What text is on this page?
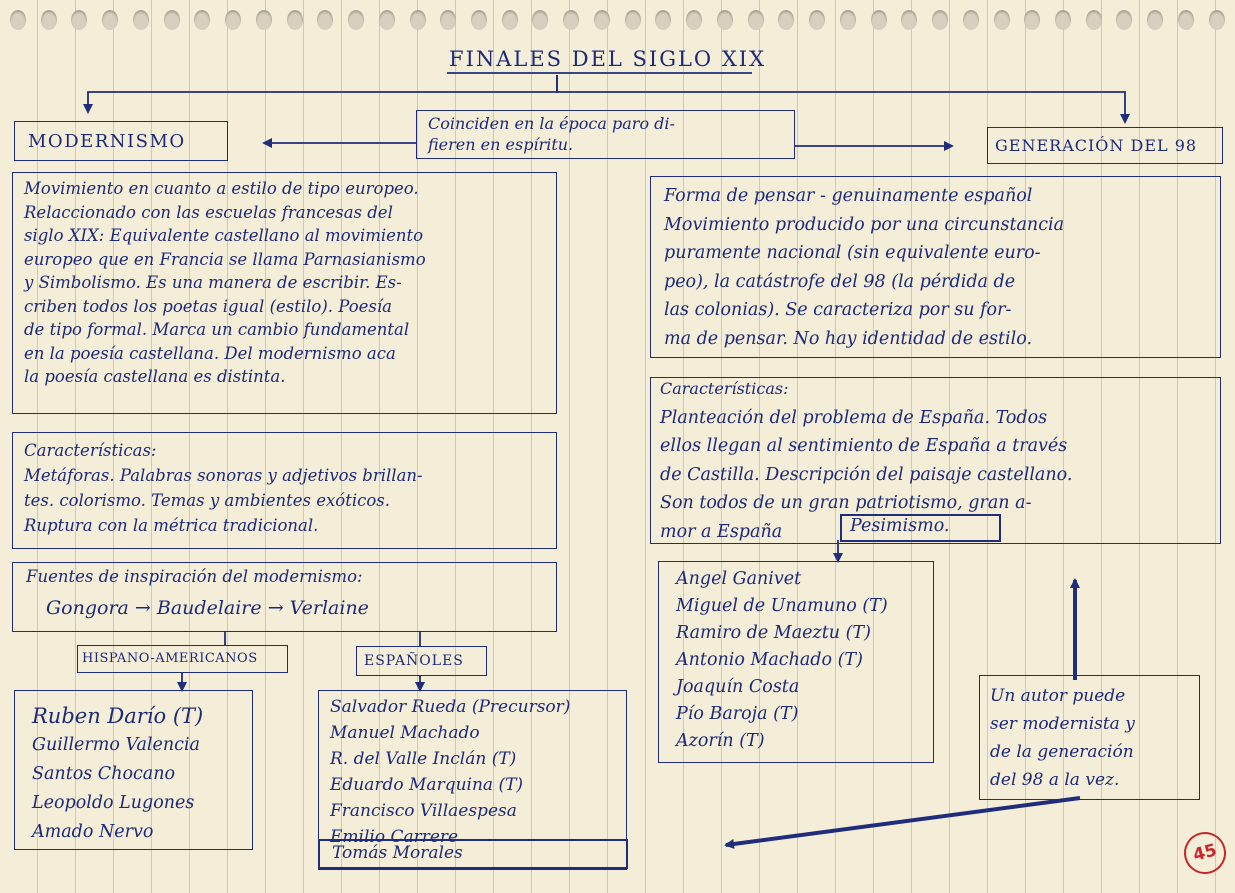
FINALES DEL SIGLO XIX
Coinciden en la época paro di-
fieren en espíritu.
MODERNISMO	GENERACIÓN DEL 98
Movimiento en cuanto a estilo de tipo europeo.
Relaccionado con las escuelas francesas del
siglo XIX: Equivalente castellano al movimiento
europeo que en Francia se llama Parnasianismo
y Simbolismo. Es una manera de escribir. Es-
criben todos los poetas igual (estilo). Poesía
de tipo formal. Marca un cambio fundamental
en la poesía castellana. Del modernismo aca
la poesía castellana es distinta.
Características:
Metáforas. Palabras sonoras y adjetivos brillan-
tes. colorismo. Temas y ambientes exóticos.
Ruptura con la métrica tradicional.
Fuentes de inspiración del modernismo:
Gongora → Baudelaire → Verlaine
HISPANO-AMERICANOS
Ruben Darío (T)
Guillermo Valencia
Santos Chocano
Leopoldo Lugones
Amado Nervo
ESPAÑOLES
Salvador Rueda (Precursor)
Manuel Machado
R. del Valle Inclán (T)
Eduardo Marquina (T)
Francisco Villaespesa
Emilio Carrere
Tomás Morales
Forma de pensar - genuinamente español
Movimiento producido por una circunstancia
puramente nacional (sin equivalente euro-
peo), la catástrofe del 98 (la pérdida de
las colonias). Se caracteriza por su for-
ma de pensar. No hay identidad de estilo.
Características:
Planteación del problema de España. Todos
ellos llegan al sentimiento de España a través
de Castilla. Descripción del paisaje castellano.
Son todos de un gran patriotismo, gran a-
mor a España	Pesimismo.
Angel Ganivet
Miguel de Unamuno (T)
Ramiro de Maeztu (T)
Antonio Machado (T)
Joaquín Costa
Pío Baroja (T)
Azorín (T)
Un autor puede
ser modernista y
de la generación
del 98 a la vez.
45
